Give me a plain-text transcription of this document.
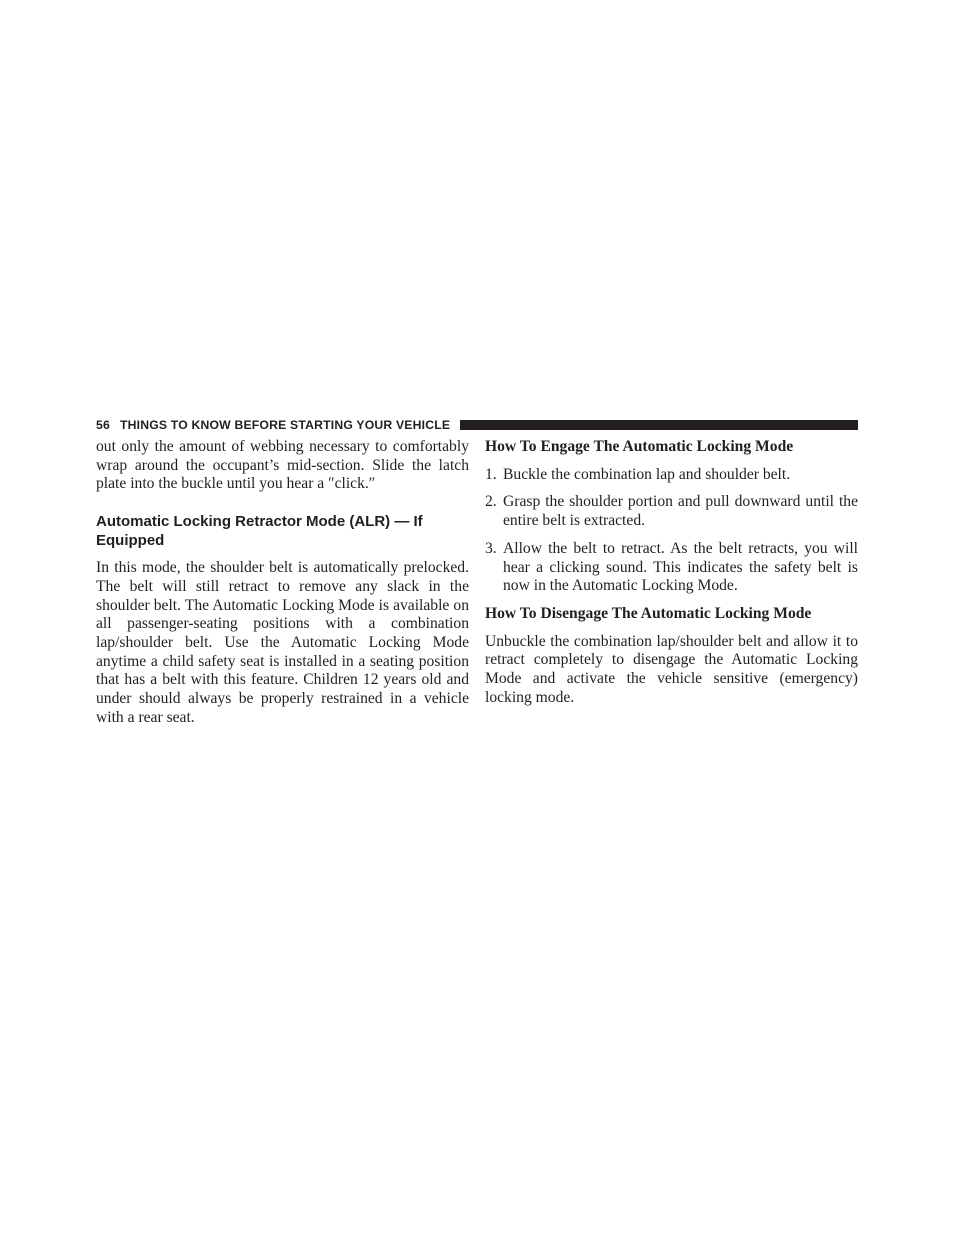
56 THINGS TO KNOW BEFORE STARTING YOUR VEHICLE

out only the amount of webbing necessary to comfortably wrap around the occupant’s mid-section. Slide the latch plate into the buckle until you hear a ″click.″

Automatic Locking Retractor Mode (ALR) — If Equipped

In this mode, the shoulder belt is automatically prelocked. The belt will still retract to remove any slack in the shoulder belt. The Automatic Locking Mode is available on all passenger-seating positions with a combination lap/shoulder belt. Use the Automatic Locking Mode anytime a child safety seat is installed in a seating position that has a belt with this feature. Children 12 years old and under should always be properly restrained in a vehicle with a rear seat.

How To Engage The Automatic Locking Mode
1. Buckle the combination lap and shoulder belt.
2. Grasp the shoulder portion and pull downward until the entire belt is extracted.
3. Allow the belt to retract. As the belt retracts, you will hear a clicking sound. This indicates the safety belt is now in the Automatic Locking Mode.
How To Disengage The Automatic Locking Mode

Unbuckle the combination lap/shoulder belt and allow it to retract completely to disengage the Automatic Locking Mode and activate the vehicle sensitive (emergency) locking mode.
